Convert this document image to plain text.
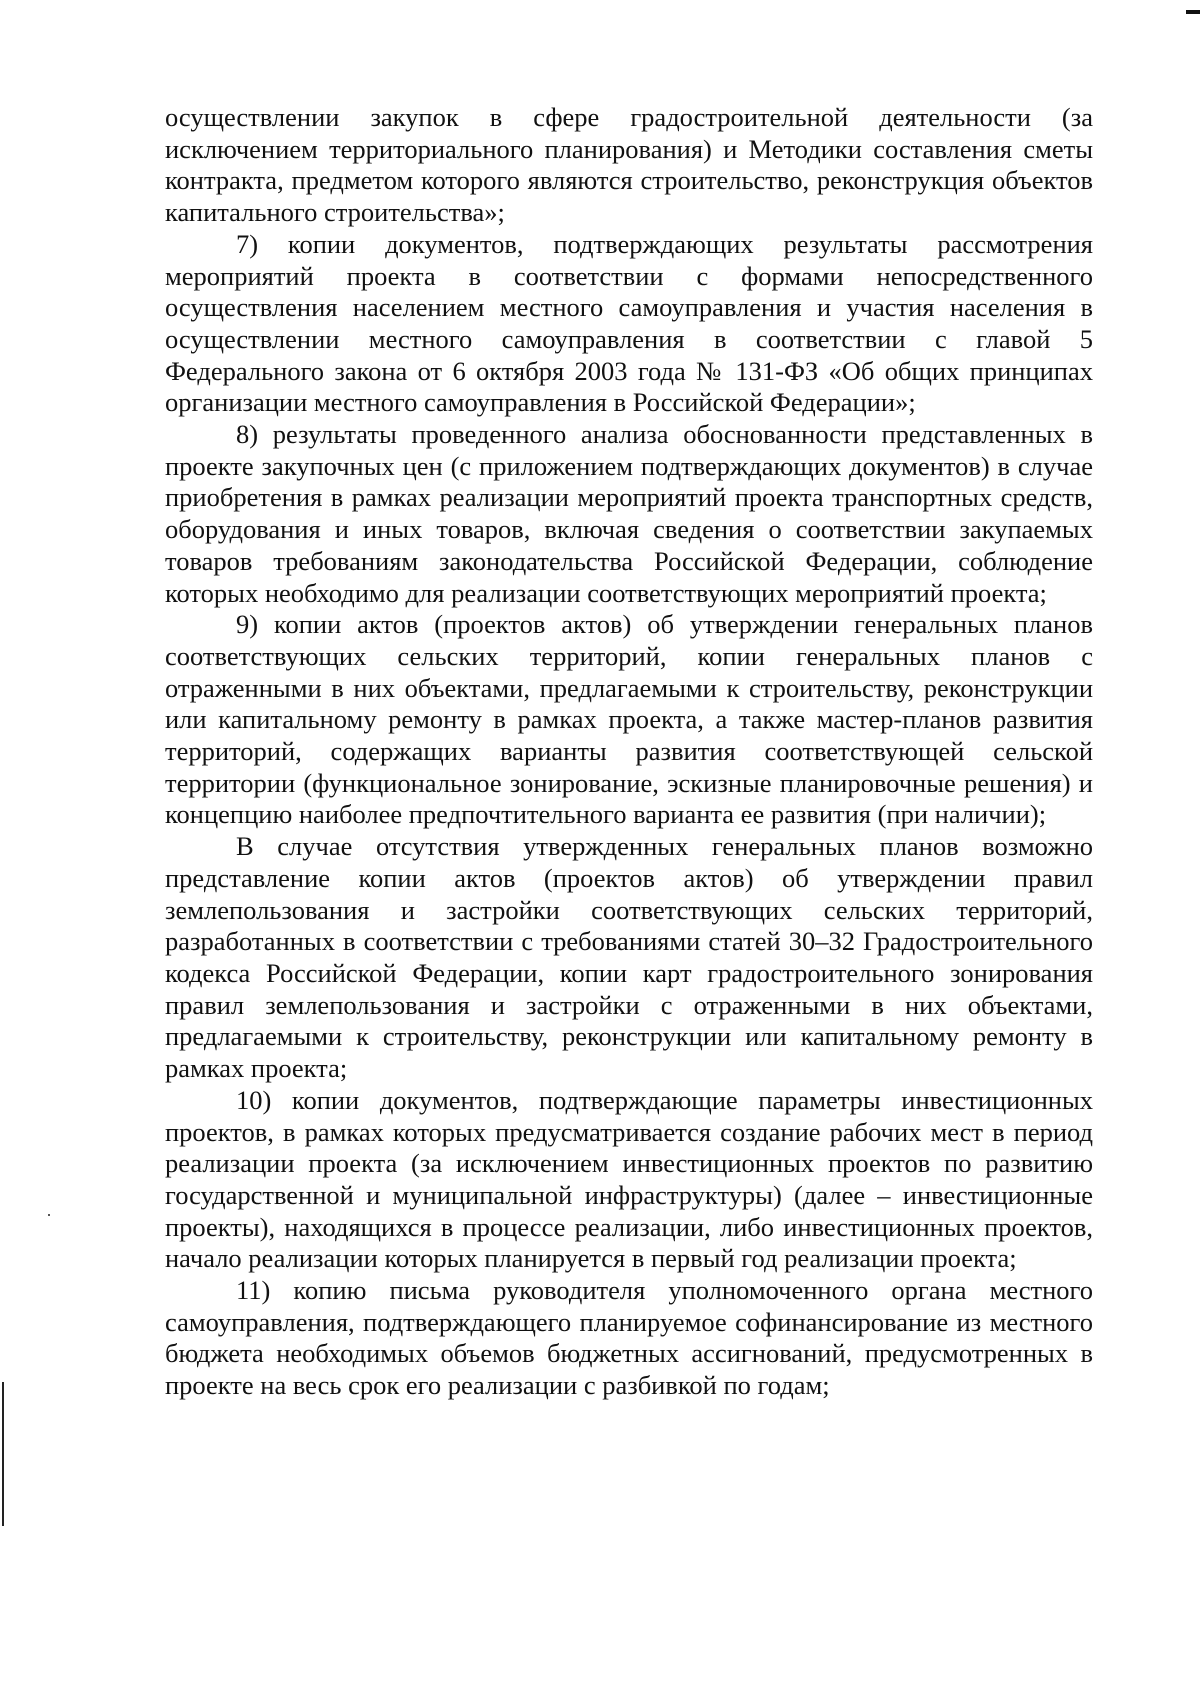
осуществлении закупок в сфере градостроительной деятельности (за исключением территориального планирования) и Методики составления сметы контракта, предметом которого являются строительство, реконструкция объектов капитального строительства»;

7) копии документов, подтверждающих результаты рассмотрения мероприятий проекта в соответствии с формами непосредственного осуществления населением местного самоуправления и участия населения в осуществлении местного самоуправления в соответствии с главой 5 Федерального закона от 6 октября 2003 года № 131-ФЗ «Об общих принципах организации местного самоуправления в Российской Федерации»;

8) результаты проведенного анализа обоснованности представленных в проекте закупочных цен (с приложением подтверждающих документов) в случае приобретения в рамках реализации мероприятий проекта транспортных средств, оборудования и иных товаров, включая сведения о соответствии закупаемых товаров требованиям законодательства Российской Федерации, соблюдение которых необходимо для реализации соответствующих мероприятий проекта;

9) копии актов (проектов актов) об утверждении генеральных планов соответствующих сельских территорий, копии генеральных планов с отраженными в них объектами, предлагаемыми к строительству, реконструкции или капитальному ремонту в рамках проекта, а также мастер-планов развития территорий, содержащих варианты развития соответствующей сельской территории (функциональное зонирование, эскизные планировочные решения) и концепцию наиболее предпочтительного варианта ее развития (при наличии);

В случае отсутствия утвержденных генеральных планов возможно представление копии актов (проектов актов) об утверждении правил землепользования и застройки соответствующих сельских территорий, разработанных в соответствии с требованиями статей 30–32 Градостроительного кодекса Российской Федерации, копии карт градостроительного зонирования правил землепользования и застройки с отраженными в них объектами, предлагаемыми к строительству, реконструкции или капитальному ремонту в рамках проекта;

10) копии документов, подтверждающие параметры инвестиционных проектов, в рамках которых предусматривается создание рабочих мест в период реализации проекта (за исключением инвестиционных проектов по развитию государственной и муниципальной инфраструктуры) (далее – инвестиционные проекты), находящихся в процессе реализации, либо инвестиционных проектов, начало реализации которых планируется в первый год реализации проекта;

11) копию письма руководителя уполномоченного органа местного самоуправления, подтверждающего планируемое софинансирование из местного бюджета необходимых объемов бюджетных ассигнований, предусмотренных в проекте на весь срок его реализации с разбивкой по годам;
